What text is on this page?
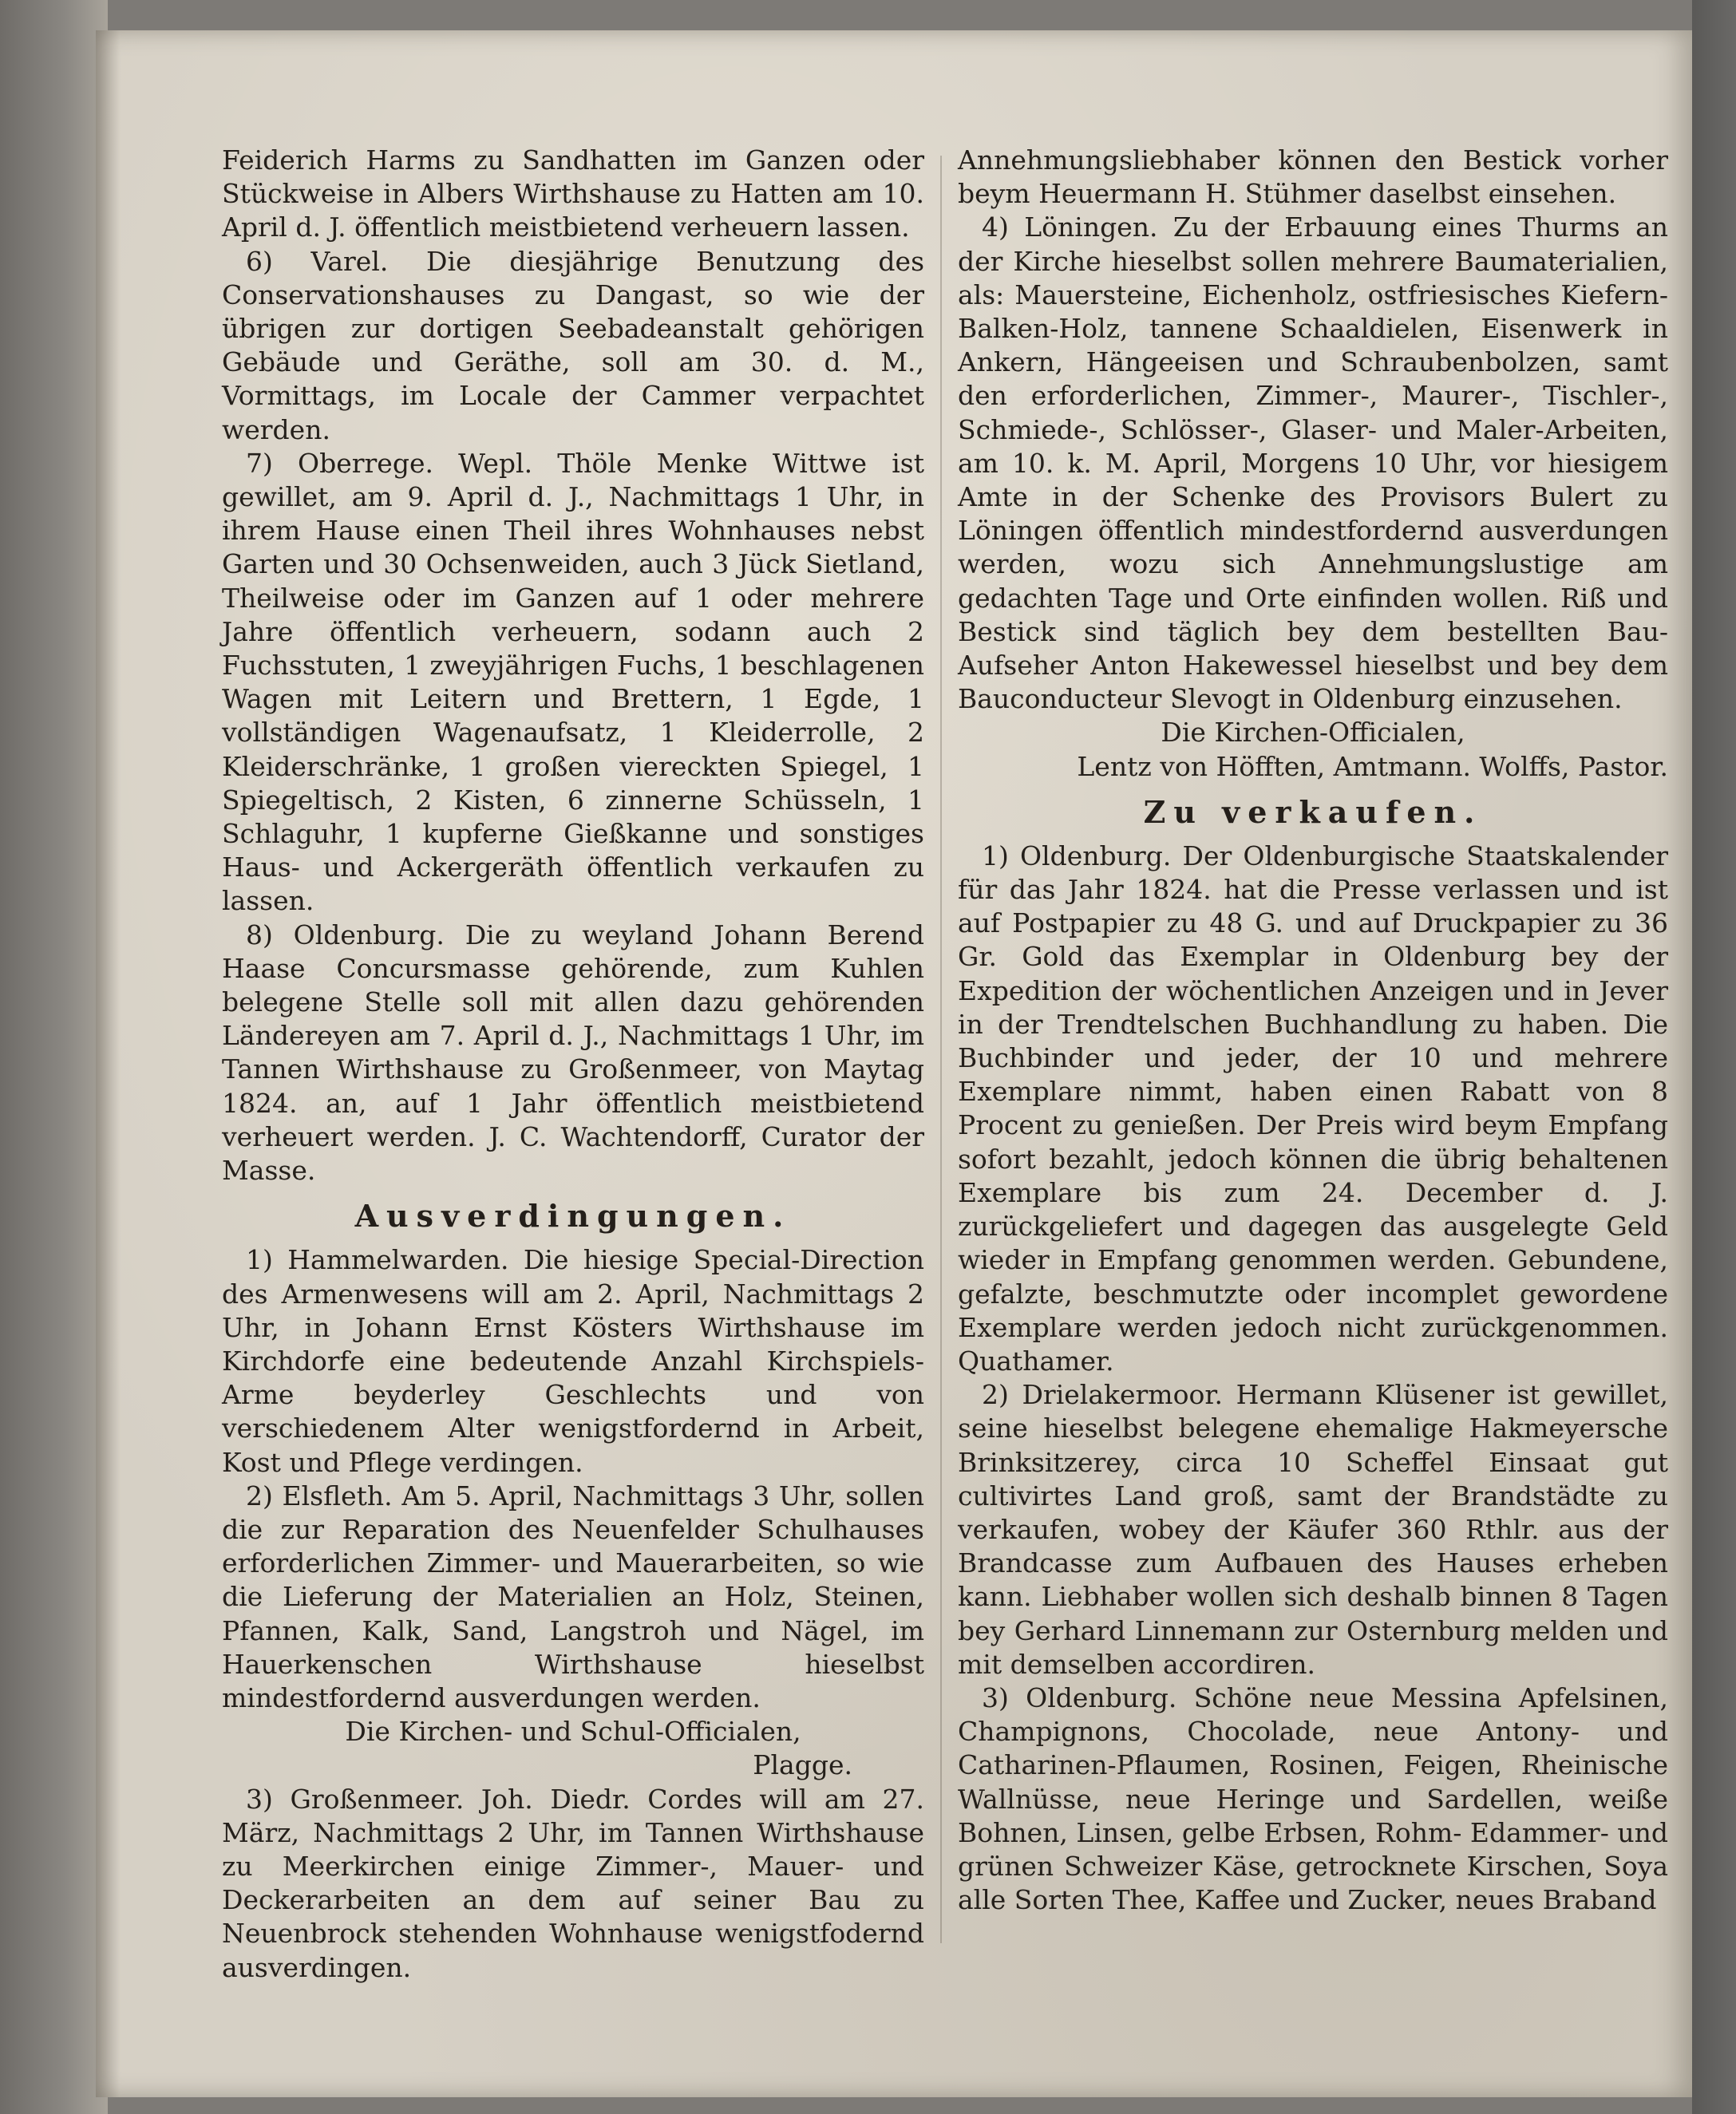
Feiderich Harms zu Sandhatten im Ganzen oder Stückweise in Albers Wirthshause zu Hatten am 10. April d. J. öffentlich meistbietend verheuern lassen.

6) Varel. Die diesjährige Benutzung des Conservationshauses zu Dangast, so wie der übrigen zur dortigen Seebadeanstalt gehörigen Gebäude und Geräthe, soll am 30. d. M., Vormittags, im Locale der Cammer verpachtet werden.

7) Oberrege. Wepl. Thöle Menke Wittwe ist gewillet, am 9. April d. J., Nachmittags 1 Uhr, in ihrem Hause einen Theil ihres Wohnhauses nebst Garten und 30 Ochsenweiden, auch 3 Jück Sietland, Theilweise oder im Ganzen auf 1 oder mehrere Jahre öffentlich verheuern, sodann auch 2 Fuchsstuten, 1 zweyjährigen Fuchs, 1 beschlagenen Wagen mit Leitern und Brettern, 1 Egde, 1 vollständigen Wagenaufsatz, 1 Kleiderrolle, 2 Kleiderschränke, 1 großen viereckten Spiegel, 1 Spiegeltisch, 2 Kisten, 6 zinnerne Schüsseln, 1 Schlaguhr, 1 kupferne Gießkanne und sonstiges Haus- und Ackergeräth öffentlich verkaufen zu lassen.

8) Oldenburg. Die zu weyland Johann Berend Haase Concursmasse gehörende, zum Kuhlen belegene Stelle soll mit allen dazu gehörenden Ländereyen am 7. April d. J., Nachmittags 1 Uhr, im Tannen Wirthshause zu Großenmeer, von Maytag 1824. an, auf 1 Jahr öffentlich meistbietend verheuert werden. J. C. Wachtendorff, Curator der Masse.

Ausverdingungen.

1) Hammelwarden. Die hiesige Special-Direction des Armenwesens will am 2. April, Nachmittags 2 Uhr, in Johann Ernst Kösters Wirthshause im Kirchdorfe eine bedeutende Anzahl Kirchspiels-Arme beyderley Geschlechts und von verschiedenem Alter wenigstfordernd in Arbeit, Kost und Pflege verdingen.

2) Elsfleth. Am 5. April, Nachmittags 3 Uhr, sollen die zur Reparation des Neuenfelder Schulhauses erforderlichen Zimmer- und Mauerarbeiten, so wie die Lieferung der Materialien an Holz, Steinen, Pfannen, Kalk, Sand, Langstroh und Nägel, im Hauerkenschen Wirthshause hieselbst mindestfordernd ausverdungen werden.

Die Kirchen- und Schul-Officialen,

Plagge.

3) Großenmeer. Joh. Diedr. Cordes will am 27. März, Nachmittags 2 Uhr, im Tannen Wirthshause zu Meerkirchen einige Zimmer-, Mauer- und Deckerarbeiten an dem auf seiner Bau zu Neuenbrock stehenden Wohnhause wenigstfodernd ausverdingen.

Annehmungsliebhaber können den Bestick vorher beym Heuermann H. Stühmer daselbst einsehen.

4) Löningen. Zu der Erbauung eines Thurms an der Kirche hieselbst sollen mehrere Baumaterialien, als: Mauersteine, Eichenholz, ostfriesisches Kiefern-Balken-Holz, tannene Schaaldielen, Eisenwerk in Ankern, Hängeeisen und Schraubenbolzen, samt den erforderlichen, Zimmer-, Maurer-, Tischler-, Schmiede-, Schlösser-, Glaser- und Maler-Arbeiten, am 10. k. M. April, Morgens 10 Uhr, vor hiesigem Amte in der Schenke des Provisors Bulert zu Löningen öffentlich mindestfordernd ausverdungen werden, wozu sich Annehmungslustige am gedachten Tage und Orte einfinden wollen. Riß und Bestick sind täglich bey dem bestellten Bau-Aufseher Anton Hakewessel hieselbst und bey dem Bauconducteur Slevogt in Oldenburg einzusehen.

Die Kirchen-Officialen,

Lentz von Höfften, Amtmann. Wolffs, Pastor.

Zu verkaufen.

1) Oldenburg. Der Oldenburgische Staatskalender für das Jahr 1824. hat die Presse verlassen und ist auf Postpapier zu 48 G. und auf Druckpapier zu 36 Gr. Gold das Exemplar in Oldenburg bey der Expedition der wöchentlichen Anzeigen und in Jever in der Trendtelschen Buchhandlung zu haben. Die Buchbinder und jeder, der 10 und mehrere Exemplare nimmt, haben einen Rabatt von 8 Procent zu genießen. Der Preis wird beym Empfang sofort bezahlt, jedoch können die übrig behaltenen Exemplare bis zum 24. December d. J. zurückgeliefert und dagegen das ausgelegte Geld wieder in Empfang genommen werden. Gebundene, gefalzte, beschmutzte oder incomplet gewordene Exemplare werden jedoch nicht zurückgenommen. Quathamer.

2) Drielakermoor. Hermann Klüsener ist gewillet, seine hieselbst belegene ehemalige Hakmeyersche Brinksitzerey, circa 10 Scheffel Einsaat gut cultivirtes Land groß, samt der Brandstädte zu verkaufen, wobey der Käufer 360 Rthlr. aus der Brandcasse zum Aufbauen des Hauses erheben kann. Liebhaber wollen sich deshalb binnen 8 Tagen bey Gerhard Linnemann zur Osternburg melden und mit demselben accordiren.

3) Oldenburg. Schöne neue Messina Apfelsinen, Champignons, Chocolade, neue Antony- und Catharinen-Pflaumen, Rosinen, Feigen, Rheinische Wallnüsse, neue Heringe und Sardellen, weiße Bohnen, Linsen, gelbe Erbsen, Rohm- Edammer- und grünen Schweizer Käse, getrocknete Kirschen, Soya alle Sorten Thee, Kaffee und Zucker, neues Braband
